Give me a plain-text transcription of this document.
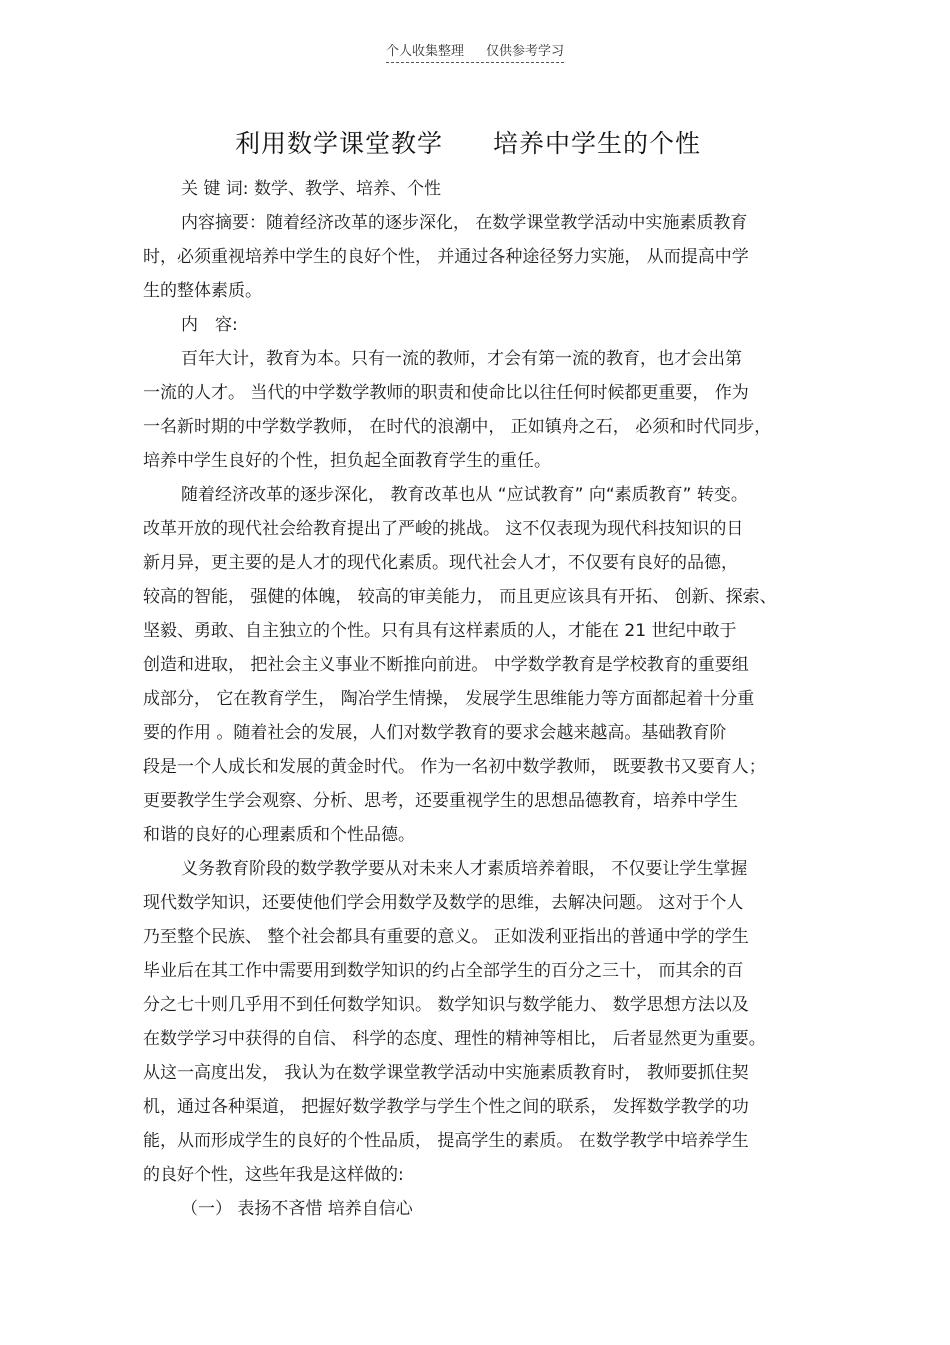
个人收集整理 仅供参考学习
利用数学课堂教学 培养中学生的个性
关 键 词: 数学、教学、培养、个性
内容摘要：随着经济改革的逐步深化， 在数学课堂教学活动中实施素质教育
时，必须重视培养中学生的良好个性， 并通过各种途径努力实施， 从而提高中学
生的整体素质。
内　容:
百年大计，教育为本。只有一流的教师，才会有第一流的教育，也才会出第
一流的人才。 当代的中学数学教师的职责和使命比以往任何时候都更重要， 作为
一名新时期的中学数学教师， 在时代的浪潮中， 正如镇舟之石， 必须和时代同步，
培养中学生良好的个性，担负起全面教育学生的重任。
随着经济改革的逐步深化， 教育改革也从 “应试教育” 向“素质教育” 转变。
改革开放的现代社会给教育提出了严峻的挑战。 这不仅表现为现代科技知识的日
新月异，更主要的是人才的现代化素质。现代社会人才，不仅要有良好的品德，
较高的智能， 强健的体魄， 较高的审美能力， 而且更应该具有开拓、 创新、探索、
坚毅、勇敢、自主独立的个性。只有具有这样素质的人，才能在 21 世纪中敢于
创造和进取， 把社会主义事业不断推向前进。 中学数学教育是学校教育的重要组
成部分， 它在教育学生， 陶冶学生情操， 发展学生思维能力等方面都起着十分重
要的作用 。随着社会的发展，人们对数学教育的要求会越来越高。基础教育阶
段是一个人成长和发展的黄金时代。 作为一名初中数学教师， 既要教书又要育人；
更要教学生学会观察、分析、思考，还要重视学生的思想品德教育，培养中学生
和谐的良好的心理素质和个性品德。
义务教育阶段的数学教学要从对未来人才素质培养着眼， 不仅要让学生掌握
现代数学知识，还要使他们学会用数学及数学的思维，去解决问题。 这对于个人
乃至整个民族、 整个社会都具有重要的意义。 正如泼利亚指出的普通中学的学生
毕业后在其工作中需要用到数学知识的约占全部学生的百分之三十， 而其余的百
分之七十则几乎用不到任何数学知识。 数学知识与数学能力、 数学思想方法以及
在数学学习中获得的自信、 科学的态度、理性的精神等相比， 后者显然更为重要。
从这一高度出发， 我认为在数学课堂教学活动中实施素质教育时， 教师要抓住契
机，通过各种渠道， 把握好数学教学与学生个性之间的联系， 发挥数学教学的功
能，从而形成学生的良好的个性品质， 提高学生的素质。 在数学教学中培养学生
的良好个性，这些年我是这样做的:
（一） 表扬不吝惜 培养自信心
